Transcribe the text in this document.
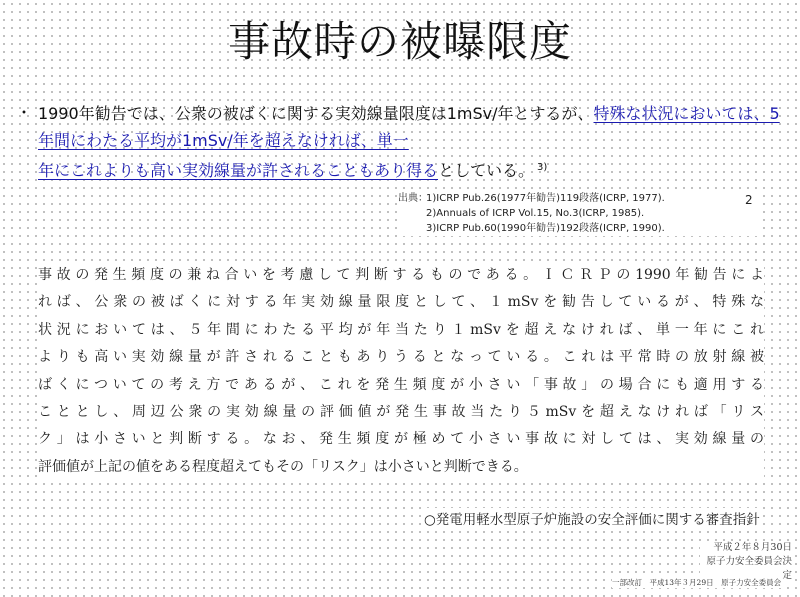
事故時の被曝限度
・ 1990年勧告では、公衆の被ばくに関する実効線量限度は1mSv/年とするが、特殊な状況においては、5年間にわたる平均が1mSv/年を超えなければ、単一
年にこれよりも高い実効線量が許されることもあり得るとしている。 $^{3)}$
出典：1)ICRP Pub.26(1977年勧告)119段落(ICRP, 1977).
2)Annuals of ICRP Vol.15, No.3(ICRP, 1985).
3)ICRP Pub.60(1990年勧告)192段落(ICRP, 1990).
2
事故の発生頻度の兼ね合いを考慮して判断するものである。ＩＣＲＰの1990年勧告によ
れば、公衆の被ばくに対する年実効線量限度として、１mSvを勧告しているが、特殊な
状況においては、５年間にわたる平均が年当たり１mSvを超えなければ、単一年にこれ
よりも高い実効線量が許されることもありうるとなっている。これは平常時の放射線被
ばくについての考え方であるが、これを発生頻度が小さい「事故」の場合にも適用する
こととし、周辺公衆の実効線量の評価値が発生事故当たり５mSvを超えなければ「リス
ク」は小さいと判断する。なお、発生頻度が極めて小さい事故に対しては、実効線量の
評価値が上記の値をある程度超えてもその「リスク」は小さいと判断できる。
○発電用軽水型原子炉施設の安全評価に関する審査指針
平成２年８月30日
原子力安全委員会決定
一部改訂　平成13年３月29日　原子力安全委員会
